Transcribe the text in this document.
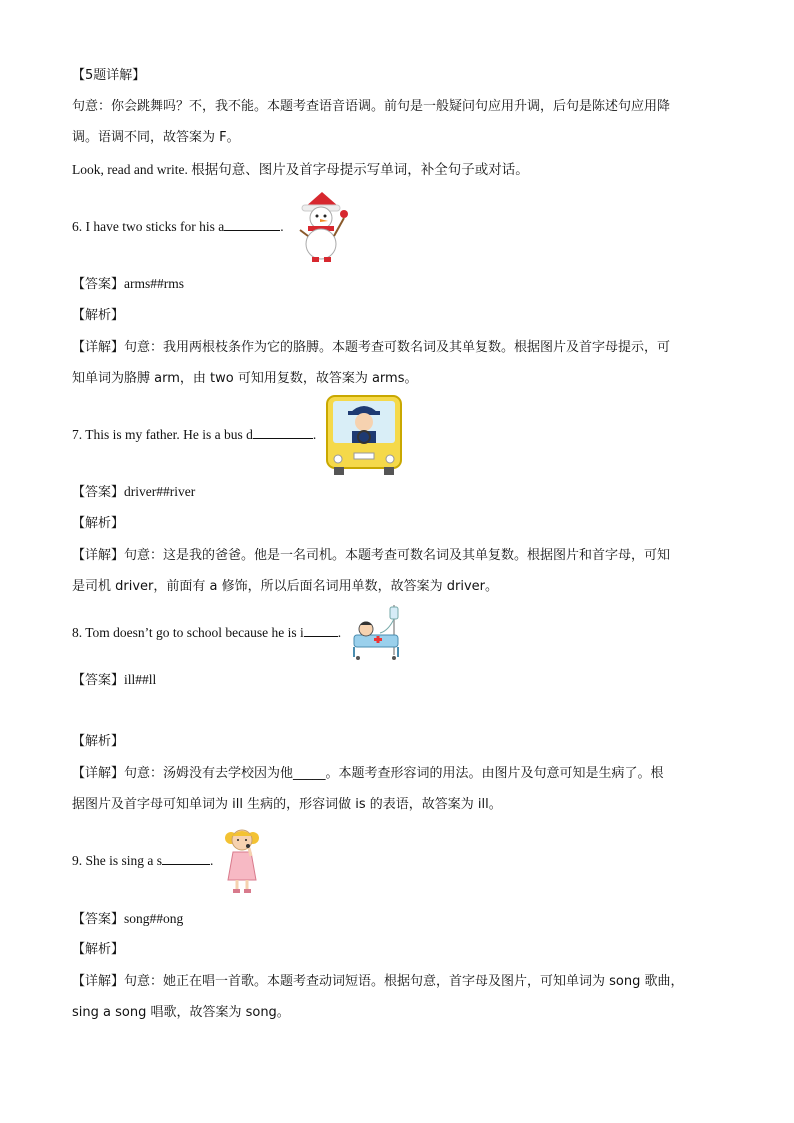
【5题详解】
句意：你会跳舞吗？不，我不能。本题考查语音语调。前句是一般疑问句应用升调，后句是陈述句应用降
调。语调不同，故答案为 F。
Look, read and write. 根据句意、图片及首字母提示写单词，补全句子或对话。
6. I have two sticks for his a	.
【答案】arms##rms
【解析】
【详解】句意：我用两根枝条作为它的胳膊。本题考查可数名词及其单复数。根据图片及首字母提示，可
知单词为胳膊 arm，由 two 可知用复数，故答案为 arms。
7. This is my father. He is a bus d	.
【答案】driver##river
【解析】
【详解】句意：这是我的爸爸。他是一名司机。本题考查可数名词及其单复数。根据图片和首字母，可知
是司机 driver，前面有 a 修饰，所以后面名词用单数，故答案为 driver。
8. Tom doesn’t go to school because he is i	.
【答案】ill##ll
【解析】
【详解】句意：汤姆没有去学校因为他_____。本题考查形容词的用法。由图片及句意可知是生病了。根
据图片及首字母可知单词为 ill 生病的，形容词做 is 的表语，故答案为 ill。
9. She is sing a s	.
【答案】song##ong
【解析】
【详解】句意：她正在唱一首歌。本题考查动词短语。根据句意，首字母及图片，可知单词为 song 歌曲，
sing a song 唱歌，故答案为 song。
